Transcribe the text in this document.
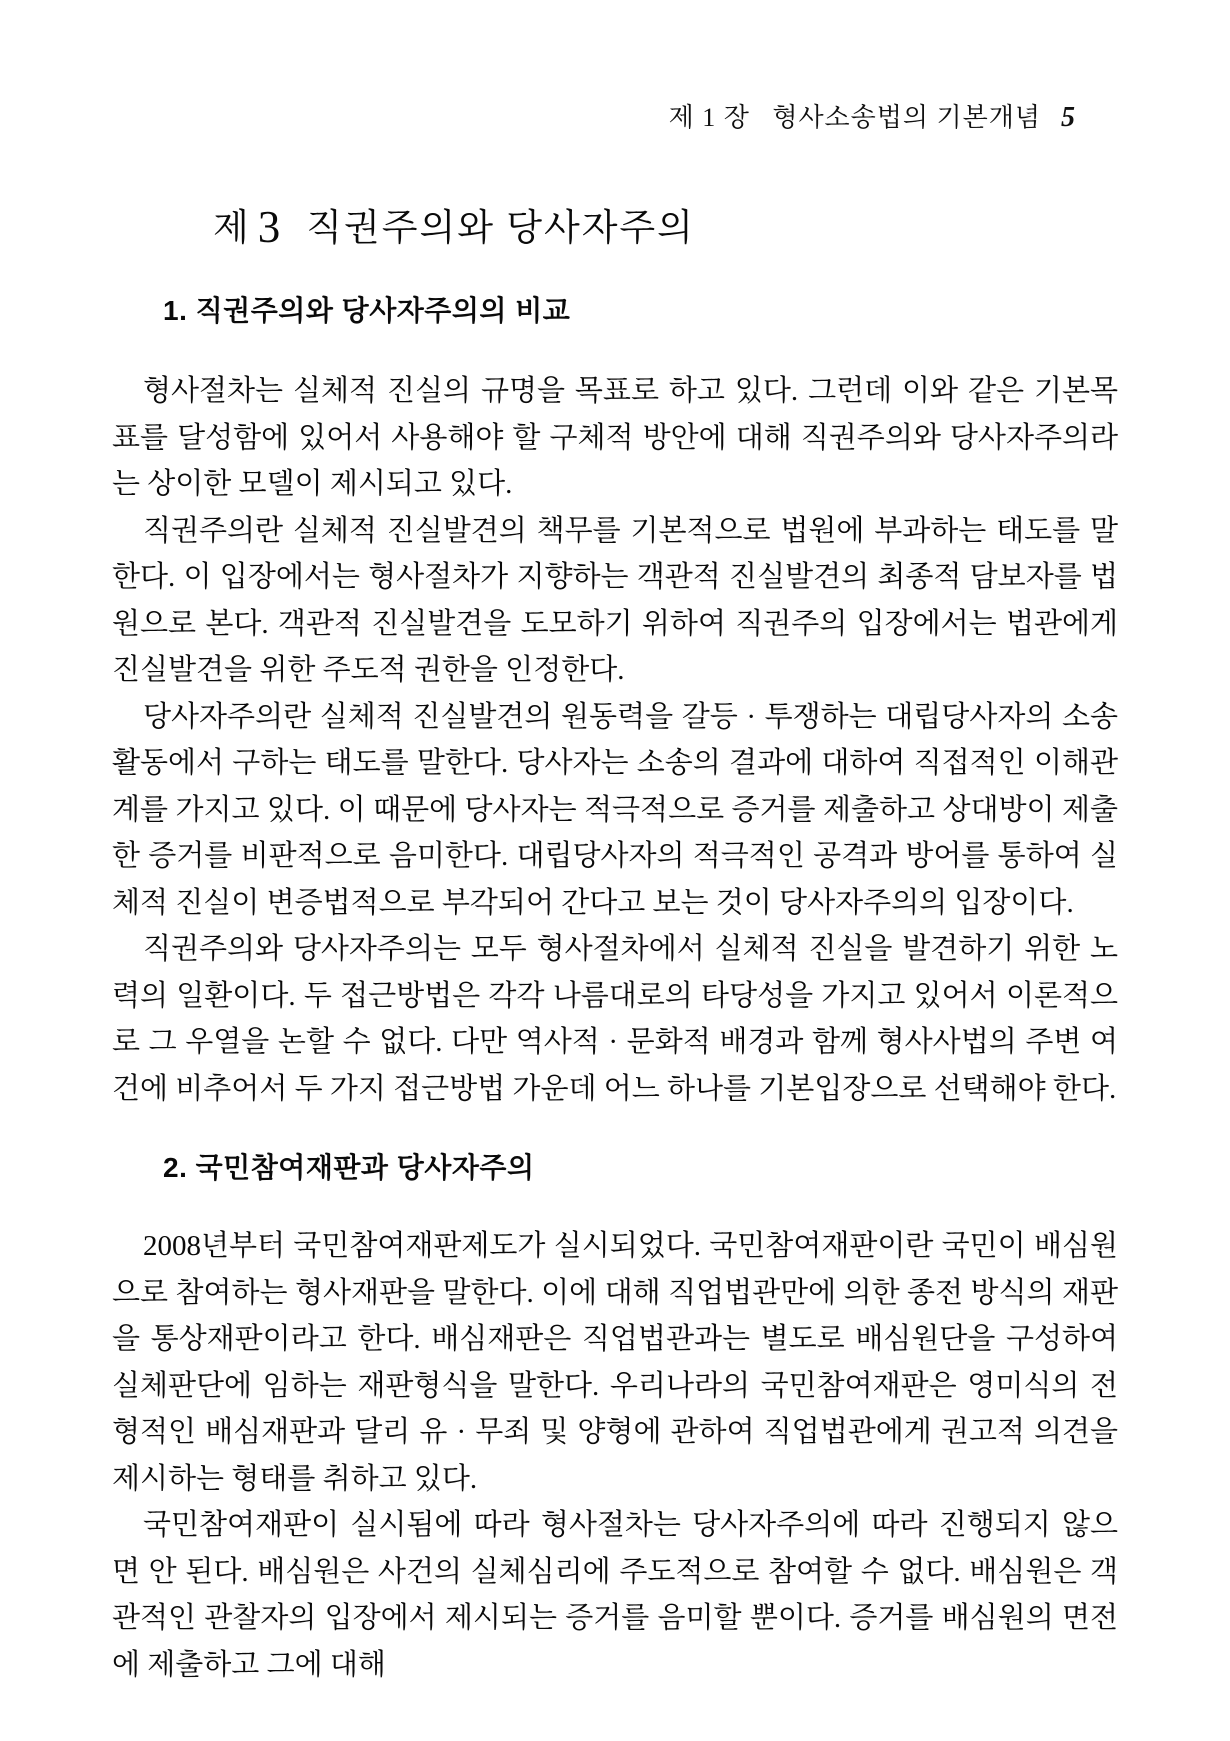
제 1 장   형사소송법의 기본개념 5

제 3 직권주의와 당사자주의
1. 직권주의와 당사자주의의 비교

형사절차는 실체적 진실의 규명을 목표로 하고 있다. 그런데 이와 같은 기본목표를 달성함에 있어서 사용해야 할 구체적 방안에 대해 직권주의와 당사자주의라는 상이한 모델이 제시되고 있다.

직권주의란 실체적 진실발견의 책무를 기본적으로 법원에 부과하는 태도를 말한다. 이 입장에서는 형사절차가 지향하는 객관적 진실발견의 최종적 담보자를 법원으로 본다. 객관적 진실발견을 도모하기 위하여 직권주의 입장에서는 법관에게 진실발견을 위한 주도적 권한을 인정한다.

당사자주의란 실체적 진실발견의 원동력을 갈등 · 투쟁하는 대립당사자의 소송활동에서 구하는 태도를 말한다. 당사자는 소송의 결과에 대하여 직접적인 이해관계를 가지고 있다. 이 때문에 당사자는 적극적으로 증거를 제출하고 상대방이 제출한 증거를 비판적으로 음미한다. 대립당사자의 적극적인 공격과 방어를 통하여 실체적 진실이 변증법적으로 부각되어 간다고 보는 것이 당사자주의의 입장이다.

직권주의와 당사자주의는 모두 형사절차에서 실체적 진실을 발견하기 위한 노력의 일환이다. 두 접근방법은 각각 나름대로의 타당성을 가지고 있어서 이론적으로 그 우열을 논할 수 없다. 다만 역사적 · 문화적 배경과 함께 형사사법의 주변 여건에 비추어서 두 가지 접근방법 가운데 어느 하나를 기본입장으로 선택해야 한다.

2. 국민참여재판과 당사자주의

2008년부터 국민참여재판제도가 실시되었다. 국민참여재판이란 국민이 배심원으로 참여하는 형사재판을 말한다. 이에 대해 직업법관만에 의한 종전 방식의 재판을 통상재판이라고 한다. 배심재판은 직업법관과는 별도로 배심원단을 구성하여 실체판단에 임하는 재판형식을 말한다. 우리나라의 국민참여재판은 영미식의 전형적인 배심재판과 달리 유 · 무죄 및 양형에 관하여 직업법관에게 권고적 의견을 제시하는 형태를 취하고 있다.

국민참여재판이 실시됨에 따라 형사절차는 당사자주의에 따라 진행되지 않으면 안 된다. 배심원은 사건의 실체심리에 주도적으로 참여할 수 없다. 배심원은 객관적인 관찰자의 입장에서 제시되는 증거를 음미할 뿐이다. 증거를 배심원의 면전에 제출하고 그에 대해
